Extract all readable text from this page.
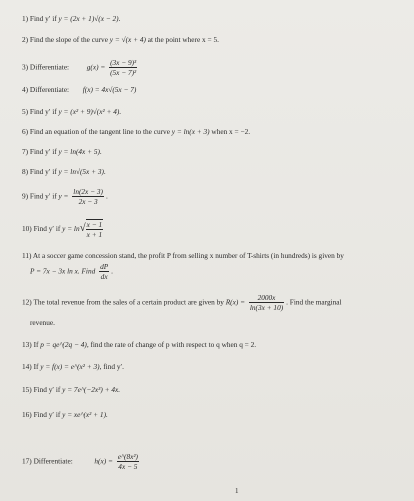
1) Find y′ if y = (2x + 1)√(x − 2).
2) Find the slope of the curve y = √(x + 4) at the point where x = 5.
3) Differentiate: $g(x) = \frac{\text{(3x − 9)³}}{\text{(5x − 7)²}}$
4) Differentiate: f(x) = 4x√(5x − 7)
5) Find y′ if y = (x² + 9)√(x² + 4).
6) Find an equation of the tangent line to the curve y = ln(x + 3) when x = −2.
7) Find y′ if y = ln(4x + 5).
8) Find y′ if y = ln√(5x + 3).
9) Find y′ if $y = \frac{\ln(2x - 3)}{2x - 3}$ .
10) Find y′ if $y = \ln√ \frac{x - 1}{x + 1}$
11) At a soccer game concession stand, the profit P from selling x number of T-shirts (in hundreds) is given by
P = 7x − 3x ln x. Find $\frac{dP}{dx}$ .
12) The total revenue from the sales of a certain product are given by $R(x) = \frac{2000x}{\ln(3x + 10)}$ . Find the marginal
revenue.
13) If p = qe^(2q − 4), find the rate of change of p with respect to q when q = 2.
14) If y = f(x) = e^(x² + 3), find y′.
15) Find y′ if y = 7e^(−2x³) + 4x.
16) Find y′ if y = xe^(x² + 1).
17) Differentiate:	$h(x) = \frac{\text{e\textasciicircum{}(8x²)}}{4x - 5}$
1
